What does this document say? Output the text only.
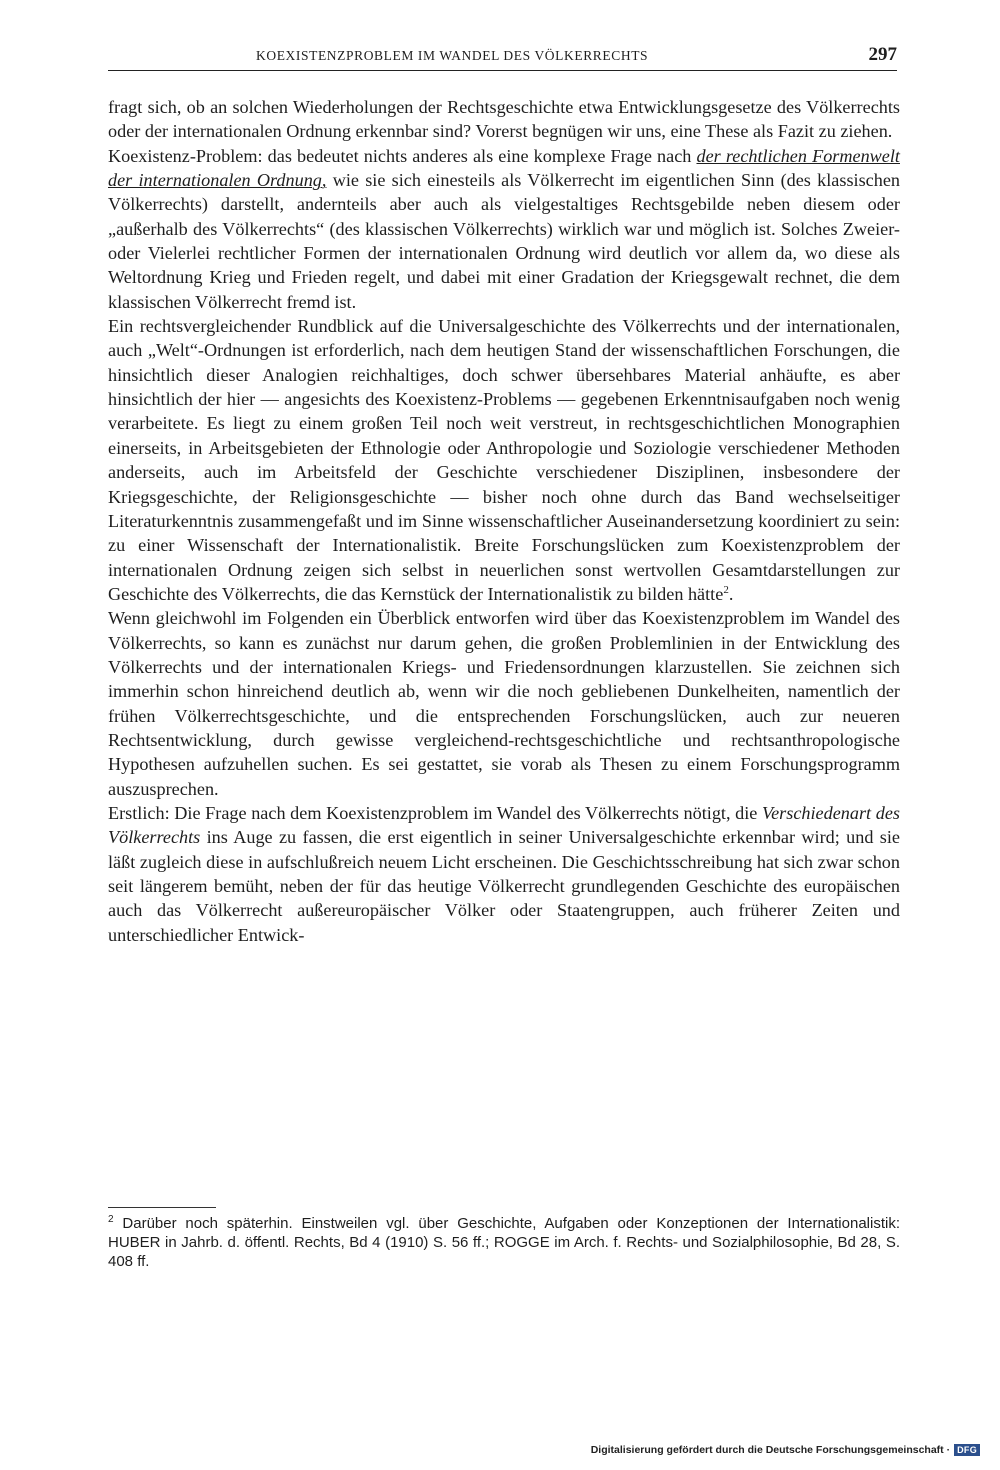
KOEXISTENZPROBLEM IM WANDEL DES VÖLKERRECHTS	297

fragt sich, ob an solchen Wiederholungen der Rechtsgeschichte etwa Entwicklungsgesetze des Völkerrechts oder der internationalen Ordnung erkennbar sind? Vorerst begnügen wir uns, eine These als Fazit zu ziehen.

Koexistenz-Problem: das bedeutet nichts anderes als eine komplexe Frage nach der rechtlichen Formenwelt der internationalen Ordnung, wie sie sich einesteils als Völkerrecht im eigentlichen Sinn (des klassischen Völkerrechts) darstellt, andernteils aber auch als vielgestaltiges Rechtsgebilde neben diesem oder „außerhalb des Völkerrechts“ (des klassischen Völkerrechts) wirklich war und möglich ist. Solches Zweier- oder Vielerlei rechtlicher Formen der internationalen Ordnung wird deutlich vor allem da, wo diese als Weltordnung Krieg und Frieden regelt, und dabei mit einer Gradation der Kriegsgewalt rechnet, die dem klassischen Völkerrecht fremd ist.

Ein rechtsvergleichender Rundblick auf die Universalgeschichte des Völkerrechts und der internationalen, auch „Welt“-Ordnungen ist erforderlich, nach dem heutigen Stand der wissenschaftlichen Forschungen, die hinsichtlich dieser Analogien reichhaltiges, doch schwer übersehbares Material anhäufte, es aber hinsichtlich der hier — angesichts des Koexistenz-Problems — gegebenen Erkenntnisaufgaben noch wenig verarbeitete. Es liegt zu einem großen Teil noch weit verstreut, in rechtsgeschichtlichen Monographien einerseits, in Arbeitsgebieten der Ethnologie oder Anthropologie und Soziologie verschiedener Methoden anderseits, auch im Arbeitsfeld der Geschichte verschiedener Disziplinen, insbesondere der Kriegsgeschichte, der Religionsgeschichte — bisher noch ohne durch das Band wechselseitiger Literaturkenntnis zusammengefaßt und im Sinne wissenschaftlicher Auseinandersetzung koordiniert zu sein: zu einer Wissenschaft der Internationalistik. Breite Forschungslücken zum Koexistenzproblem der internationalen Ordnung zeigen sich selbst in neuerlichen sonst wertvollen Gesamtdarstellungen zur Geschichte des Völkerrechts, die das Kernstück der Internationalistik zu bilden hätte$^2$.

Wenn gleichwohl im Folgenden ein Überblick entworfen wird über das Koexistenzproblem im Wandel des Völkerrechts, so kann es zunächst nur darum gehen, die großen Problemlinien in der Entwicklung des Völkerrechts und der internationalen Kriegs- und Friedensordnungen klarzustellen. Sie zeichnen sich immerhin schon hinreichend deutlich ab, wenn wir die noch gebliebenen Dunkelheiten, namentlich der frühen Völkerrechtsgeschichte, und die entsprechenden Forschungslücken, auch zur neueren Rechtsentwicklung, durch gewisse vergleichend-rechtsgeschichtliche und rechtsanthropologische Hypothesen aufzuhellen suchen. Es sei gestattet, sie vorab als Thesen zu einem Forschungsprogramm auszusprechen.

Erstlich: Die Frage nach dem Koexistenzproblem im Wandel des Völkerrechts nötigt, die Verschiedenart des Völkerrechts ins Auge zu fassen, die erst eigentlich in seiner Universalgeschichte erkennbar wird; und sie läßt zugleich diese in aufschlußreich neuem Licht erscheinen. Die Geschichtsschreibung hat sich zwar schon seit längerem bemüht, neben der für das heutige Völkerrecht grundlegenden Geschichte des europäischen auch das Völkerrecht außereuropäischer Völker oder Staatengruppen, auch früherer Zeiten und unterschiedlicher Entwick-

$^2$ Darüber noch späterhin. Einstweilen vgl. über Geschichte, Aufgaben oder Konzeptionen der Internationalistik: HUBER in Jahrb. d. öffentl. Rechts, Bd 4 (1910) S. 56 ff.; ROGGE im Arch. f. Rechts- und Sozialphilosophie, Bd 28, S. 408 ff.

Digitalisierung gefördert durch die Deutsche Forschungsgemeinschaft · DFG
